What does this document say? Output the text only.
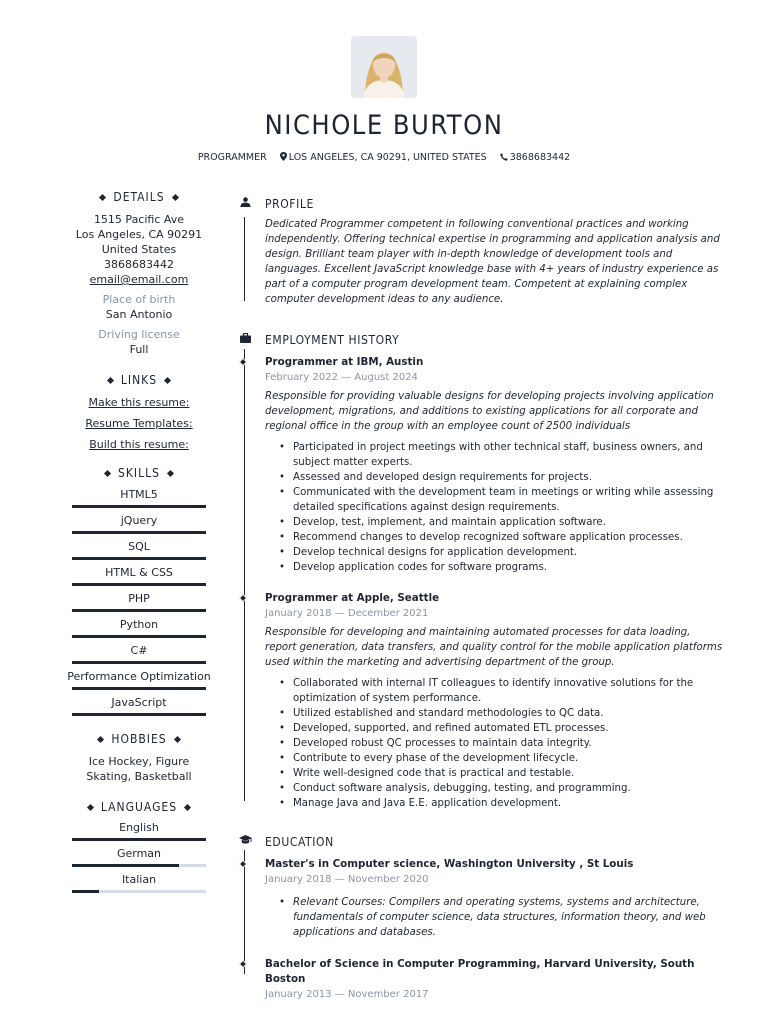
NICHOLE BURTON
PROGRAMMER LOS ANGELES, CA 90291, UNITED STATES 3868683442
DETAILS
1515 Pacific Ave
Los Angeles, CA 90291
United States
3868683442
email@email.com
Place of birth
San Antonio
Driving license
Full
LINKS
Make this resume:
Resume Templates:
Build this resume:
SKILLS
HTML5
jQuery
SQL
HTML & CSS
PHP
Python
C#
Performance Optimization
JavaScript
HOBBIES
Ice Hockey, Figure Skating, Basketball
LANGUAGES
English
German
Italian
PROFILE

Dedicated Programmer competent in following conventional practices and working independently. Offering technical expertise in programming and application analysis and design. Brilliant team player with in-depth knowledge of development tools and languages. Excellent JavaScript knowledge base with 4+ years of industry experience as part of a computer program development team. Competent at explaining complex computer development ideas to any audience.

EMPLOYMENT HISTORY
Programmer at IBM, Austin
February 2022 — August 2024

Responsible for providing valuable designs for developing projects involving application development, migrations, and additions to existing applications for all corporate and regional office in the group with an employee count of 2500 individuals

• Participated in project meetings with other technical staff, business owners, and subject matter experts.
• Assessed and developed design requirements for projects.
• Communicated with the development team in meetings or writing while assessing detailed specifications against design requirements.
• Develop, test, implement, and maintain application software.
• Recommend changes to develop recognized software application processes.
• Develop technical designs for application development.
• Develop application codes for software programs.
Programmer at Apple, Seattle
January 2018 — December 2021

Responsible for developing and maintaining automated processes for data loading, report generation, data transfers, and quality control for the mobile application platforms used within the marketing and advertising department of the group.

• Collaborated with internal IT colleagues to identify innovative solutions for the optimization of system performance.
• Utilized established and standard methodologies to QC data.
• Developed, supported, and refined automated ETL processes.
• Developed robust QC processes to maintain data integrity.
• Contribute to every phase of the development lifecycle.
• Write well-designed code that is practical and testable.
• Conduct software analysis, debugging, testing, and programming.
• Manage Java and Java E.E. application development.
EDUCATION
Master's in Computer science, Washington University , St Louis
January 2018 — November 2020
• Relevant Courses: Compilers and operating systems, systems and architecture, fundamentals of computer science, data structures, information theory, and web applications and databases.
Bachelor of Science in Computer Programming, Harvard University, South Boston
January 2013 — November 2017
